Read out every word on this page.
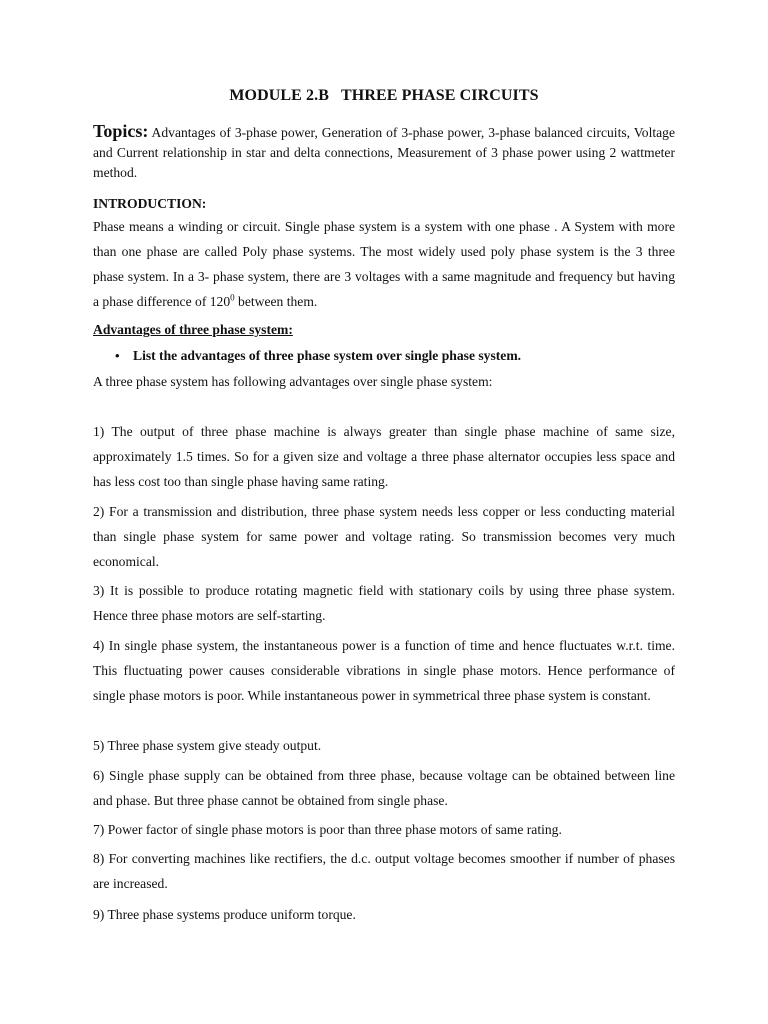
MODULE 2.B   THREE PHASE CIRCUITS
Topics: Advantages of 3-phase power, Generation of 3-phase power, 3-phase balanced circuits, Voltage and Current relationship in star and delta connections, Measurement of 3 phase power using 2 wattmeter method.
INTRODUCTION:
Phase means a winding or circuit. Single phase system is a system with one phase . A System with more than one phase are called Poly phase systems. The most widely used poly phase system is the 3 three phase system. In a 3- phase system, there are 3 voltages with a same magnitude and frequency but having a phase difference of $120^0$ between them.
Advantages of three phase system:
• List the advantages of three phase system over single phase system.
A three phase system has following advantages over single phase system:
1) The output of three phase machine is always greater than single phase machine of same size, approximately 1.5 times. So for a given size and voltage a three phase alternator occupies less space and has less cost too than single phase having same rating.
2) For a transmission and distribution, three phase system needs less copper or less conducting material than single phase system for same power and voltage rating. So transmission becomes very much economical.
3) It is possible to produce rotating magnetic field with stationary coils by using three phase system. Hence three phase motors are self-starting.
4) In single phase system, the instantaneous power is a function of time and hence fluctuates w.r.t. time. This fluctuating power causes considerable vibrations in single phase motors. Hence performance of single phase motors is poor. While instantaneous power in symmetrical three phase system is constant.
5) Three phase system give steady output.
6) Single phase supply can be obtained from three phase, because voltage can be obtained between line and phase. But three phase cannot be obtained from single phase.
7) Power factor of single phase motors is poor than three phase motors of same rating.
8) For converting machines like rectifiers, the d.c. output voltage becomes smoother if number of phases are increased.
9) Three phase systems produce uniform torque.
